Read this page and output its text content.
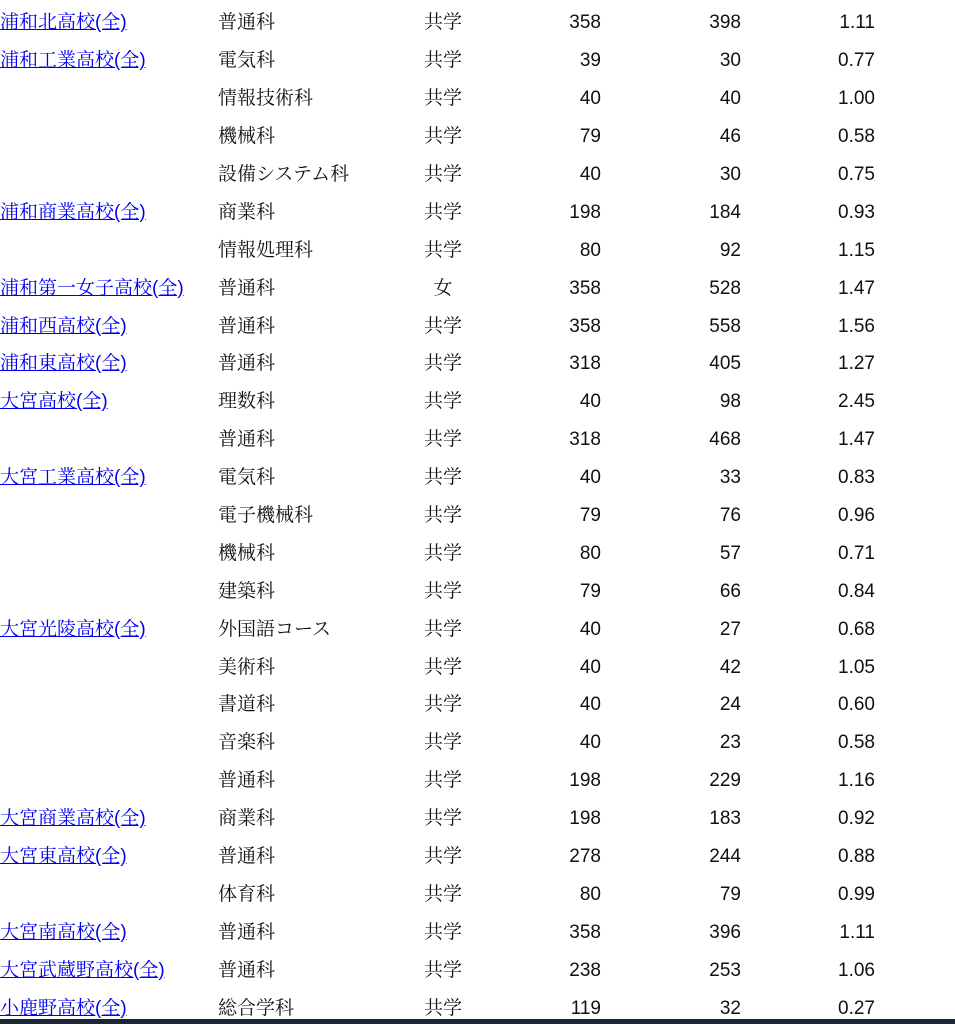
浦和北高校(全)	普通科	共学	358	398	1.11	
浦和工業高校(全)	電気科	共学	39	30	0.77	
	情報技術科	共学	40	40	1.00	
	機械科	共学	79	46	0.58	
	設備システム科	共学	40	30	0.75	
浦和商業高校(全)	商業科	共学	198	184	0.93	
	情報処理科	共学	80	92	1.15	
浦和第一女子高校(全)	普通科	女	358	528	1.47	
浦和西高校(全)	普通科	共学	358	558	1.56	
浦和東高校(全)	普通科	共学	318	405	1.27	
大宮高校(全)	理数科	共学	40	98	2.45	
	普通科	共学	318	468	1.47	
大宮工業高校(全)	電気科	共学	40	33	0.83	
	電子機械科	共学	79	76	0.96	
	機械科	共学	80	57	0.71	
	建築科	共学	79	66	0.84	
大宮光陵高校(全)	外国語コース	共学	40	27	0.68	
	美術科	共学	40	42	1.05	
	書道科	共学	40	24	0.60	
	音楽科	共学	40	23	0.58	
	普通科	共学	198	229	1.16	
大宮商業高校(全)	商業科	共学	198	183	0.92	
大宮東高校(全)	普通科	共学	278	244	0.88	
	体育科	共学	80	79	0.99	
大宮南高校(全)	普通科	共学	358	396	1.11	
大宮武蔵野高校(全)	普通科	共学	238	253	1.06	
小鹿野高校(全)	総合学科	共学	119	32	0.27	
